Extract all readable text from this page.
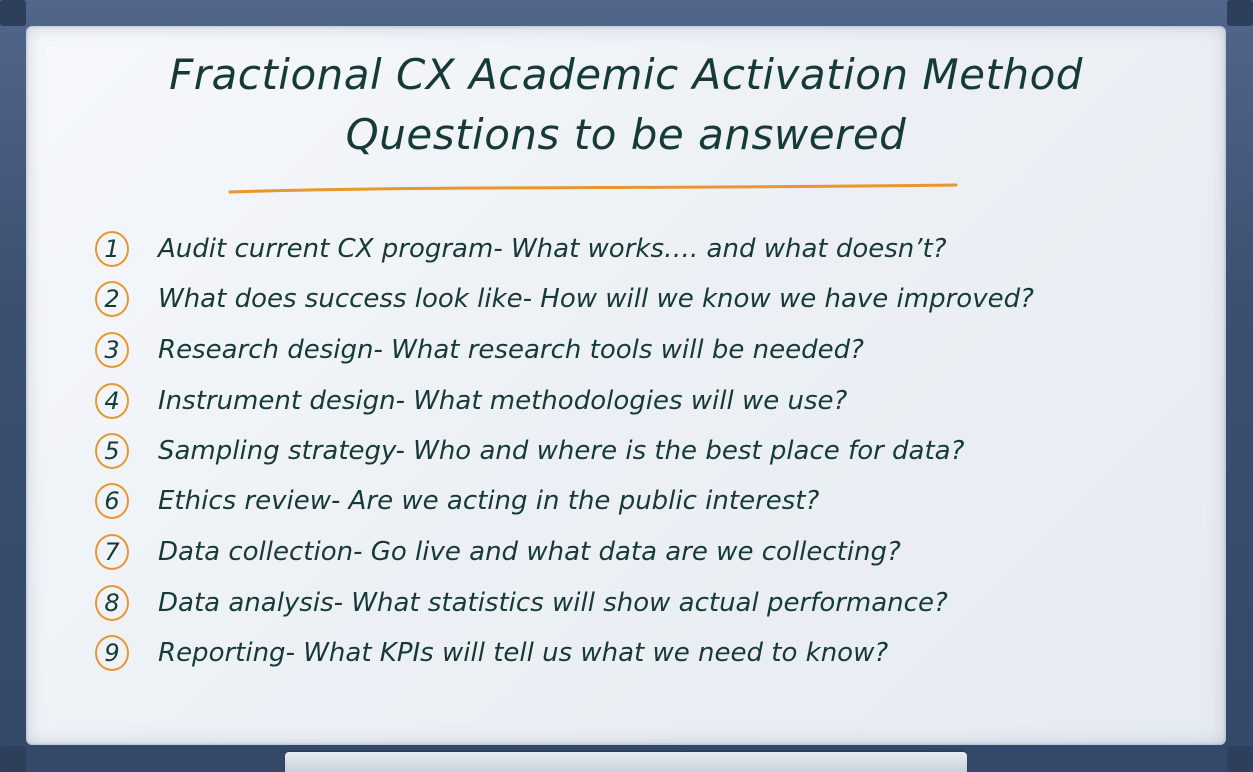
Fractional CX Academic Activation Method
Questions to be answered
1	Audit current CX program- What works…. and what doesn’t?
2	What does success look like- How will we know we have improved?
3	Research design- What research tools will be needed?
4	Instrument design- What methodologies will we use?
5	Sampling strategy- Who and where is the best place for data?
6	Ethics review- Are we acting in the public interest?
7	Data collection- Go live and what data are we collecting?
8	Data analysis- What statistics will show actual performance?
9	Reporting- What KPIs will tell us what we need to know?
